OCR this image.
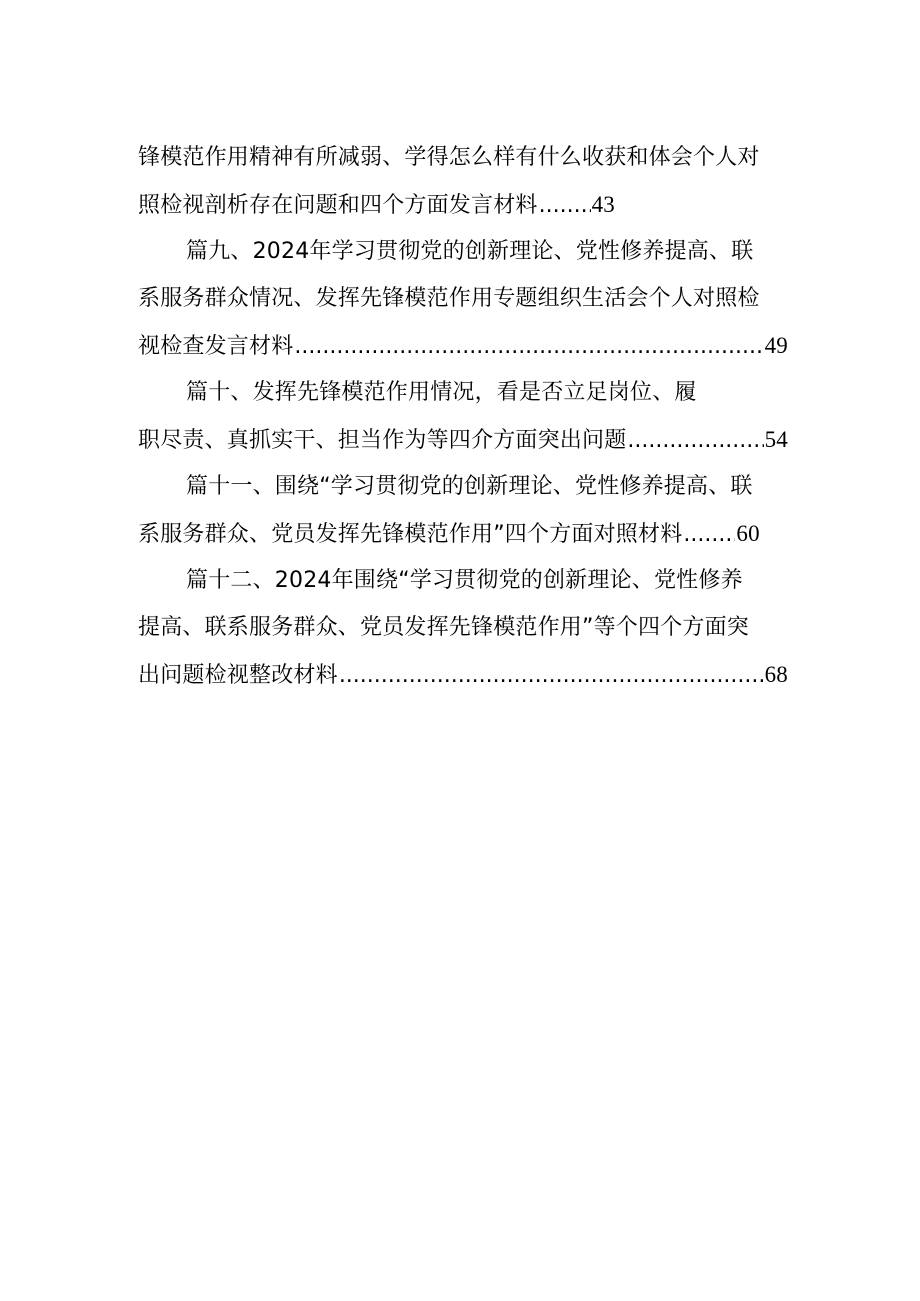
锋模范作用精神有所减弱、学得怎么样有什么收获和体会个人对
照检视剖析存在问题和四个方面发言材料 ..... 43
篇九、2024年学习贯彻党的创新理论、党性修养提高、联
系服务群众情况、发挥先锋模范作用专题组织生活会个人对照检
视检查发言材料 .....	49
篇十、发挥先锋模范作用情况，看是否立足岗位、履
职尽责、真抓实干、担当作为等四介方面突出问题 .....	54
篇十一、围绕“学习贯彻党的创新理论、党性修养提高、联
系服务群众、党员发挥先锋模范作用”四个方面对照材料 ..... 60
篇十二、2024年围绕“学习贯彻党的创新理论、党性修养
提高、联系服务群众、党员发挥先锋模范作用”等个四个方面突
出问题检视整改材料 .....	68
